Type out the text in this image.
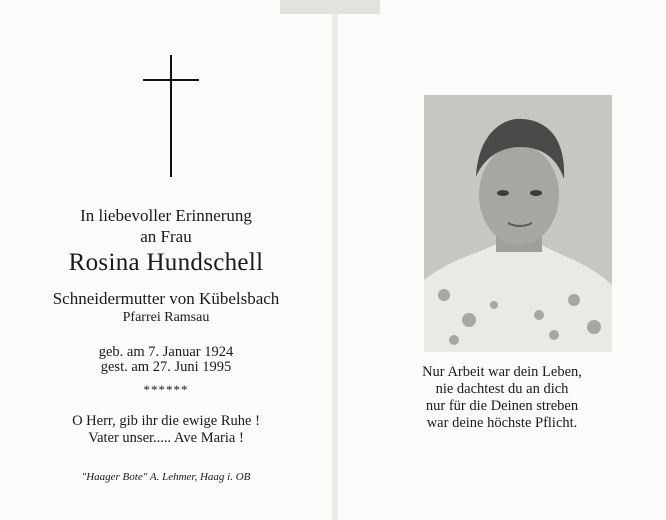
In liebevoller Erinnerung
an Frau
Rosina Hundschell
Schneidermutter von Kübelsbach
Pfarrei Ramsau
geb. am 7. Januar 1924
gest. am 27. Juni 1995
******
O Herr, gib ihr die ewige Ruhe !
Vater unser..... Ave Maria !
"Haager Bote" A. Lehmer, Haag i. OB
Nur Arbeit war dein Leben,
nie dachtest du an dich
nur für die Deinen streben
war deine höchste Pflicht.
